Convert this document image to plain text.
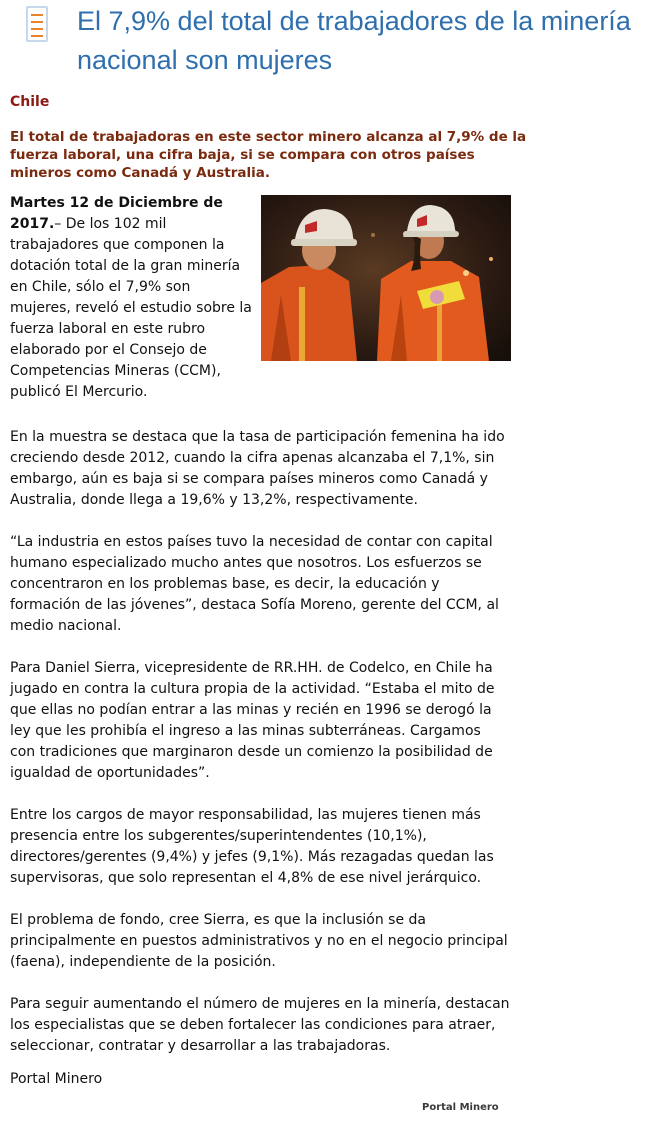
El 7,9% del total de trabajadores de la minería nacional son mujeres

Chile

El total de trabajadoras en este sector minero alcanza al 7,9% de la fuerza laboral, una cifra baja, si se compara con otros países mineros como Canadá y Australia.

Martes 12 de Diciembre de 2017.– De los 102 mil trabajadores que componen la dotación total de la gran minería en Chile, sólo el 7,9% son mujeres, reveló el estudio sobre la fuerza laboral en este rubro elaborado por el Consejo de Competencias Mineras (CCM), publicó El Mercurio.

En la muestra se destaca que la tasa de participación femenina ha ido creciendo desde 2012, cuando la cifra apenas alcanzaba el 7,1%, sin embargo, aún es baja si se compara países mineros como Canadá y Australia, donde llega a 19,6% y 13,2%, respectivamente.

“La industria en estos países tuvo la necesidad de contar con capital humano especializado mucho antes que nosotros. Los esfuerzos se concentraron en los problemas base, es decir, la educación y formación de las jóvenes”, destaca Sofía Moreno, gerente del CCM, al medio nacional.

Para Daniel Sierra, vicepresidente de RR.HH. de Codelco, en Chile ha jugado en contra la cultura propia de la actividad. “Estaba el mito de que ellas no podían entrar a las minas y recién en 1996 se derogó la ley que les prohibía el ingreso a las minas subterráneas. Cargamos con tradiciones que marginaron desde un comienzo la posibilidad de igualdad de oportunidades”.

Entre los cargos de mayor responsabilidad, las mujeres tienen más presencia entre los subgerentes/superintendentes (10,1%), directores/gerentes (9,4%) y jefes (9,1%). Más rezagadas quedan las supervisoras, que solo representan el 4,8% de ese nivel jerárquico.

El problema de fondo, cree Sierra, es que la inclusión se da principalmente en puestos administrativos y no en el negocio principal (faena), independiente de la posición.

Para seguir aumentando el número de mujeres en la minería, destacan los especialistas que se deben fortalecer las condiciones para atraer, seleccionar, contratar y desarrollar a las trabajadoras.

Portal Minero

Portal Minero
